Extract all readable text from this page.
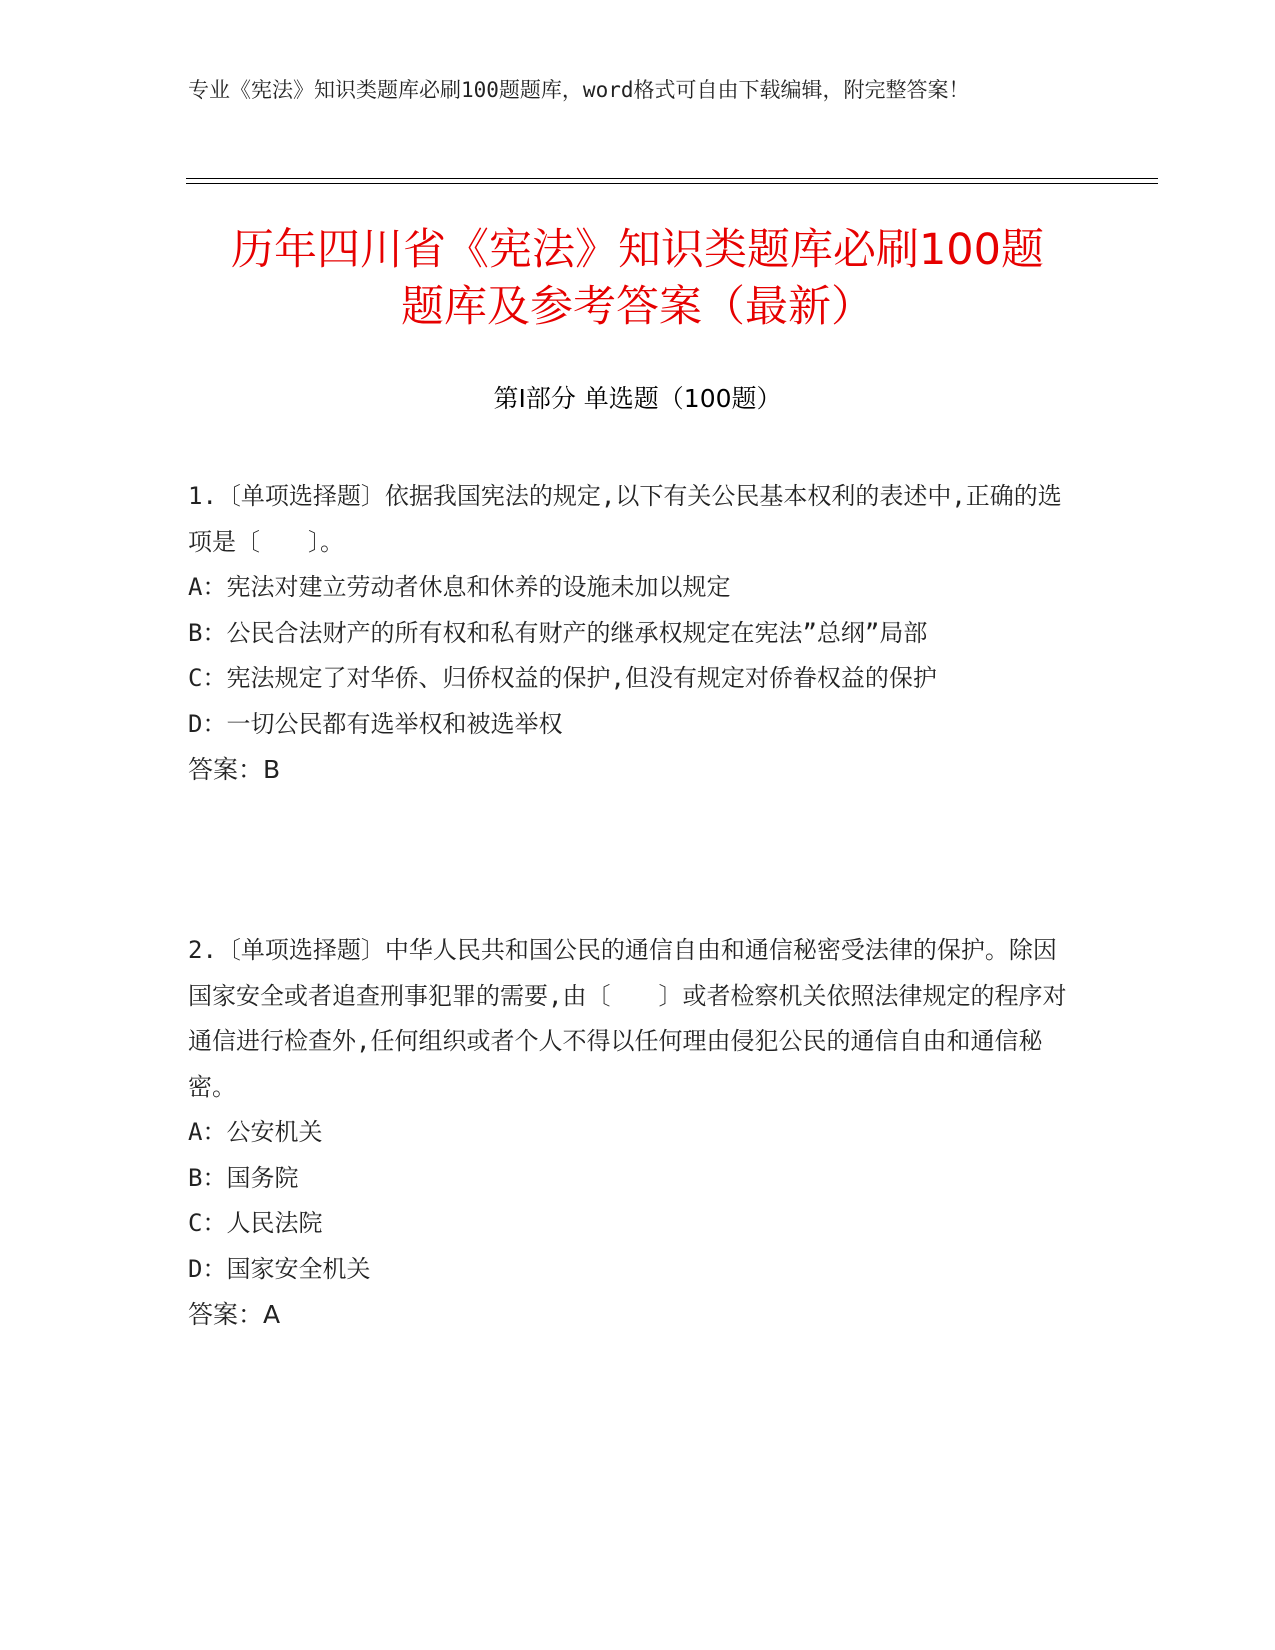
专业《宪法》知识类题库必刷100题题库，word格式可自由下载编辑，附完整答案！
历年四川省《宪法》知识类题库必刷100题
题库及参考答案（最新）
第Ⅰ部分 单选题（100题）

1.〔单项选择题〕依据我国宪法的规定,以下有关公民基本权利的表述中,正确的选项是〔　　〕。

A：宪法对建立劳动者休息和休养的设施未加以规定

B：公民合法财产的所有权和私有财产的继承权规定在宪法”总纲”局部

C：宪法规定了对华侨、归侨权益的保护,但没有规定对侨眷权益的保护

D：一切公民都有选举权和被选举权

答案：B

2.〔单项选择题〕中华人民共和国公民的通信自由和通信秘密受法律的保护。除因国家安全或者追查刑事犯罪的需要,由〔　　〕或者检察机关依照法律规定的程序对通信进行检查外,任何组织或者个人不得以任何理由侵犯公民的通信自由和通信秘密。

A：公安机关

B：国务院

C：人民法院

D：国家安全机关

答案：A
